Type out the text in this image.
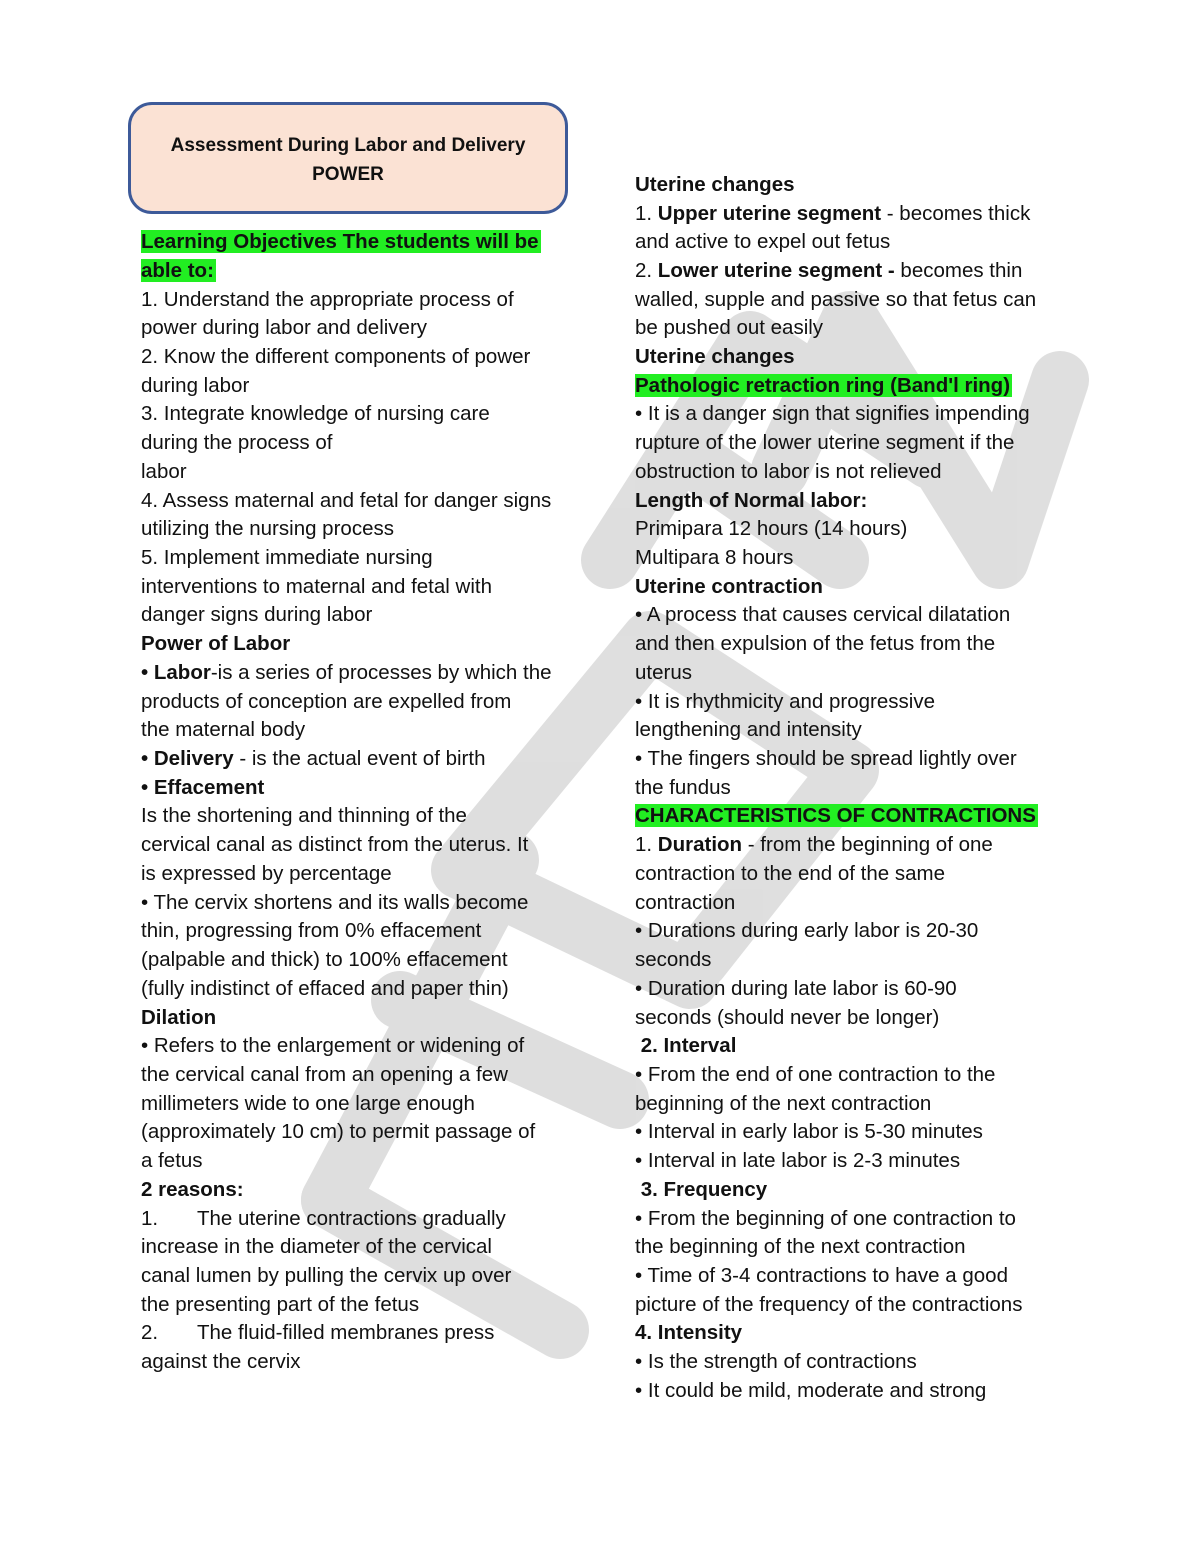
Assessment During Labor and Delivery
POWER
Learning Objectives The students will be
able to:
1. Understand the appropriate process of
power during labor and delivery
2. Know the different components of power
during labor
3. Integrate knowledge of nursing care
during the process of
labor
4. Assess maternal and fetal for danger signs
utilizing the nursing process
5. Implement immediate nursing
interventions to maternal and fetal with
danger signs during labor
Power of Labor
• Labor-is a series of processes by which the
products of conception are expelled from
the maternal body
• Delivery - is the actual event of birth
• Effacement
Is the shortening and thinning of the
cervical canal as distinct from the uterus. It
is expressed by percentage
• The cervix shortens and its walls become
thin, progressing from 0% effacement
(palpable and thick) to 100% effacement
(fully indistinct of effaced and paper thin)
Dilation
• Refers to the enlargement or widening of
the cervical canal from an opening a few
millimeters wide to one large enough
(approximately 10 cm) to permit passage of
a fetus
2 reasons:
1. The uterine contractions gradually
increase in the diameter of the cervical
canal lumen by pulling the cervix up over
the presenting part of the fetus
2. The fluid-filled membranes press
against the cervix
Uterine changes
1. Upper uterine segment - becomes thick
and active to expel out fetus
2. Lower uterine segment - becomes thin
walled, supple and passive so that fetus can
be pushed out easily
Uterine changes
Pathologic retraction ring (Band'l ring)
• It is a danger sign that signifies impending
rupture of the lower uterine segment if the
obstruction to labor is not relieved
Length of Normal labor:
Primipara 12 hours (14 hours)
Multipara 8 hours
Uterine contraction
• A process that causes cervical dilatation
and then expulsion of the fetus from the
uterus
• It is rhythmicity and progressive
lengthening and intensity
• The fingers should be spread lightly over
the fundus
CHARACTERISTICS OF CONTRACTIONS
1. Duration - from the beginning of one
contraction to the end of the same
contraction
• Durations during early labor is 20-30
seconds
• Duration during late labor is 60-90
seconds (should never be longer)
2. Interval
• From the end of one contraction to the
beginning of the next contraction
• Interval in early labor is 5-30 minutes
• Interval in late labor is 2-3 minutes
3. Frequency
• From the beginning of one contraction to
the beginning of the next contraction
• Time of 3-4 contractions to have a good
picture of the frequency of the contractions
4. Intensity
• Is the strength of contractions
• It could be mild, moderate and strong
